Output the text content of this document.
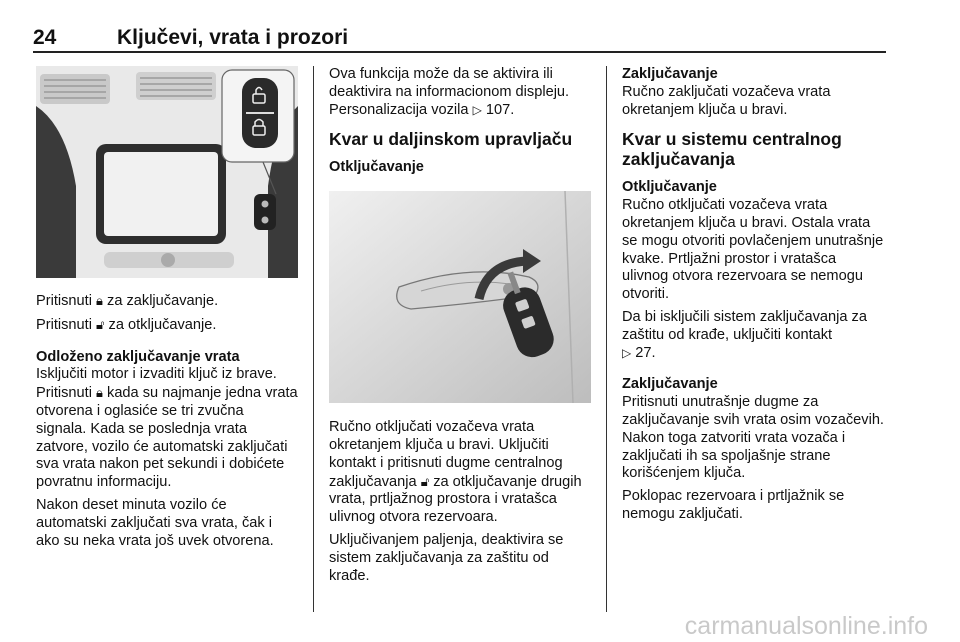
24	Ključevi, vrata i prozori

Pritisnuti 🔒︎ za zaključavanje.

Pritisnuti 🔓︎ za otključavanje.

Odloženo zaključavanje vrata

Isključiti motor i izvaditi ključ iz brave. Pritisnuti 🔒︎ kada su najmanje jedna vrata otvorena i oglasiće se tri zvučna signala. Kada se poslednja vrata zatvore, vozilo će automatski zaključati sva vrata nakon pet sekundi i dobićete povratnu informaciju.

Nakon deset minuta vozilo će automatski zaključati sva vrata, čak i ako su neka vrata još uvek otvorena.

Ova funkcija može da se aktivira ili deaktivira na informacionom displeju. Personalizacija vozila ▷ 107.

Kvar u daljinskom upravljaču

Otključavanje

Ručno otključati vozačeva vrata okretanjem ključa u bravi. Uključiti kontakt i pritisnuti dugme centralnog zaključavanja 🔓︎ za otključavanje drugih vrata, prtljažnog prostora i vratašca ulivnog otvora rezervoara.

Uključivanjem paljenja, deaktivira se sistem zaključavanja za zaštitu od krađe.

Zaključavanje

Ručno zaključati vozačeva vrata okretanjem ključa u bravi.

Kvar u sistemu centralnog zaključavanja

Otključavanje

Ručno otključati vozačeva vrata okretanjem ključa u bravi. Ostala vrata se mogu otvoriti povlačenjem unutrašnje kvake. Prtljažni prostor i vratašca ulivnog otvora rezervoara se nemogu otvoriti.

Da bi isključili sistem zaključavanja za zaštitu od krađe, uključiti kontakt
▷ 27.

Zaključavanje

Pritisnuti unutrašnje dugme za zaključavanje svih vrata osim vozačevih. Nakon toga zatvoriti vrata vozača i zaključati ih sa spoljašnje strane korišćenjem ključa.

Poklopac rezervoara i prtljažnik se nemogu zaključati.

carmanualsonline.info
